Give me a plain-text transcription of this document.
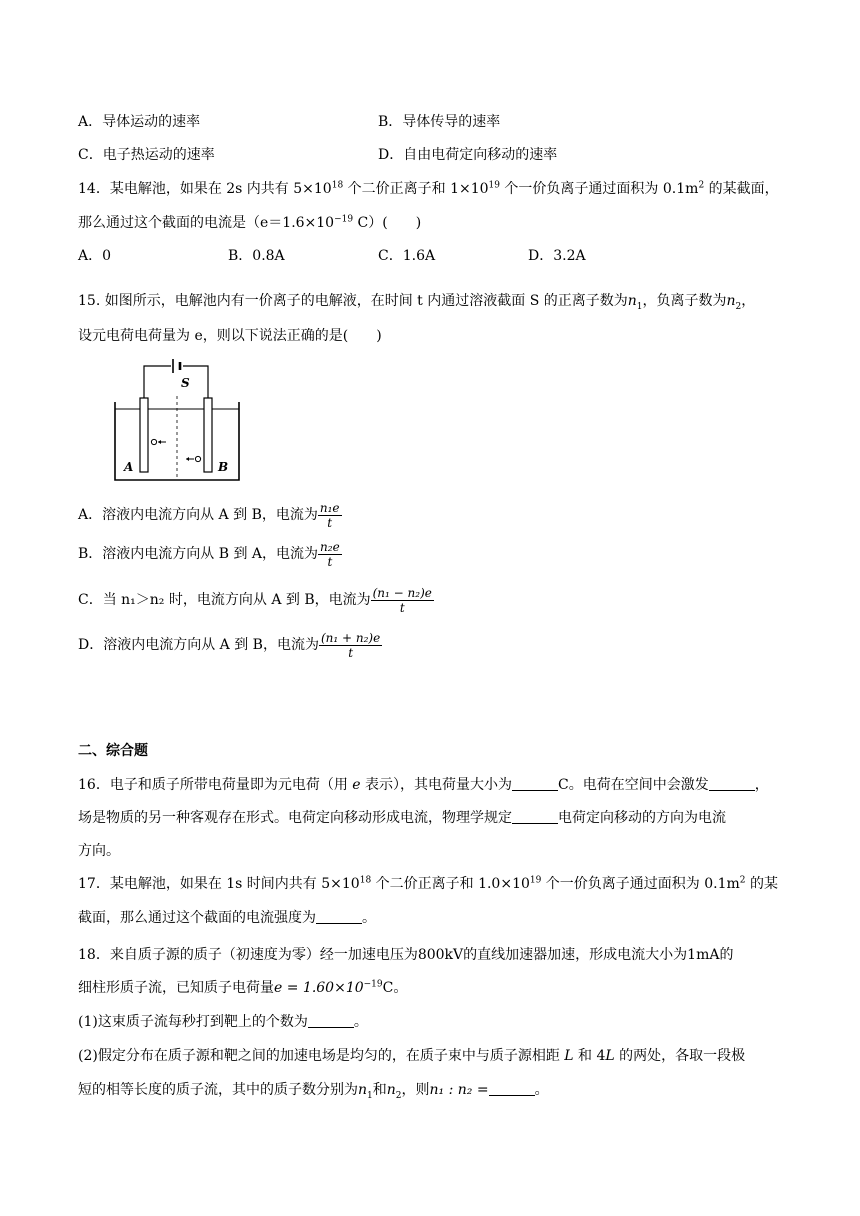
A．导体运动的速率	B．导体传导的速率
C．电子热运动的速率	D．自由电荷定向移动的速率
14．某电解池，如果在 2s 内共有 $5\times 10^{18}$ 个二价正离子和 $1\times 10^{19}$ 个一价负离子通过面积为 $0.1m^2$ 的某截面，
那么通过这个截面的电流是（$e=1.6\times 10^{-19}$ C）(　　)
A．0	B．0.8A	C．1.6A	D．3.2A
15. 如图所示，电解池内有一价离子的电解液，在时间 t 内通过溶液截面 S 的正离子数为$n_1$，负离子数为$n_2$，
设元电荷电荷量为 e，则以下说法正确的是(　　)
S
A	B
A．溶液内电流方向从 A 到 B，电流为 $\frac{\text{n₁e}}{t}$
B．溶液内电流方向从 B 到 A，电流为 $\frac{\text{n₂e}}{t}$
C．当 n₁＞n₂ 时，电流方向从 A 到 B，电流为 $\frac{\text{(n₁ − n₂)e}}{t}$
D．溶液内电流方向从 A 到 B，电流为 $\frac{\text{(n₁ + n₂)e}}{t}$
二、综合题
16．电子和质子所带电荷量即为元电荷（用 e 表示），其电荷量大小为	C。电荷在空间中会激发	，
场是物质的另一种客观存在形式。电荷定向移动形成电流，物理学规定	电荷定向移动的方向为电流
方向。
17．某电解池，如果在 1s 时间内共有 $5\times 10^{18}$ 个二价正离子和 $1.0\times 10^{19}$ 个一价负离子通过面积为 $0.1m^2$ 的某
截面，那么通过这个截面的电流强度为	。
18．来自质子源的质子（初速度为零）经一加速电压为800kV的直线加速器加速，形成电流大小为1mA的
细柱形质子流，已知质子电荷量$e = 1.60\times 10^{-19}C$。
(1)这束质子流每秒打到靶上的个数为	。
(2)假定分布在质子源和靶之间的加速电场是均匀的，在质子束中与质子源相距 L 和 4L 的两处，各取一段极
短的相等长度的质子流，其中的质子数分别为$n_1$和$n_2$，则n₁ : n₂ =	。
